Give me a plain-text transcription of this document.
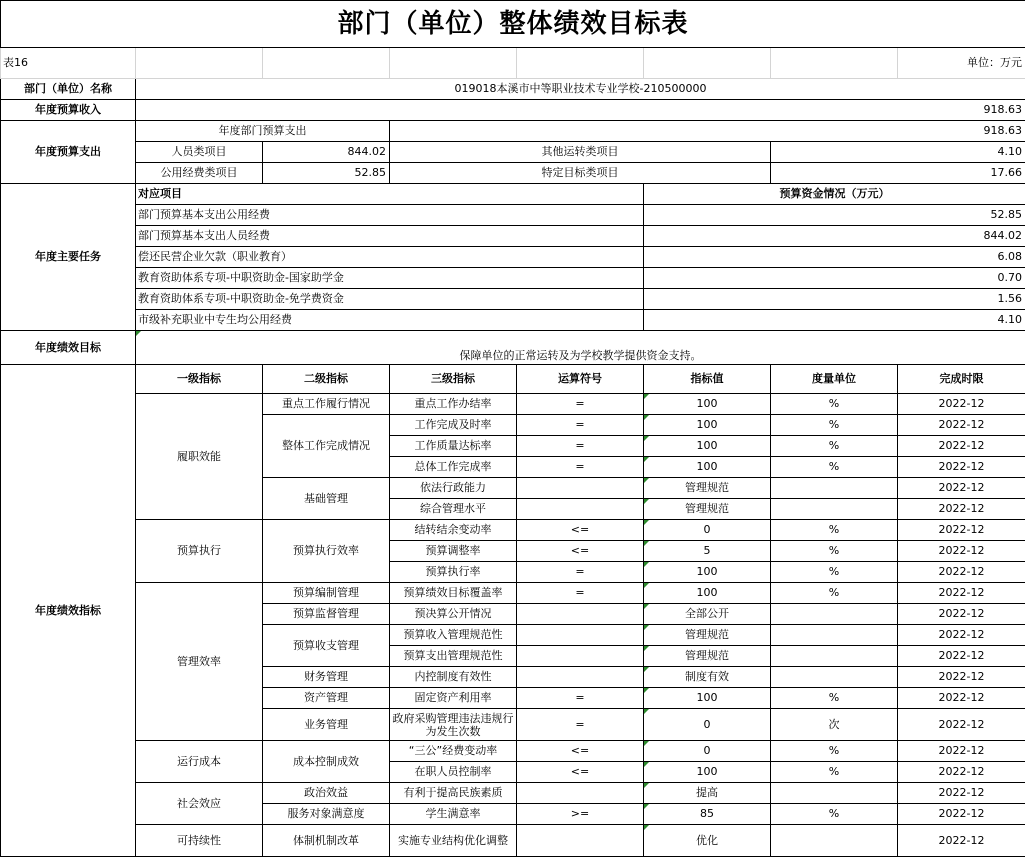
部门（单位）整体绩效目标表							
表16							单位：万元
部门（单位）名称	019018本溪市中等职业技术专业学校-210500000						
年度预算收入	918.63						
年度预算支出	年度部门预算支出		918.63				
	人员类项目	844.02	其他运转类项目			4.10	
	公用经费类项目	52.85	特定目标类项目			17.66	
年度主要任务	对应项目				预算资金情况（万元）		
	部门预算基本支出公用经费				52.85		
	部门预算基本支出人员经费				844.02		
	偿还民营企业欠款（职业教育）				6.08		
	教育资助体系专项-中职资助金-国家助学金				0.70		
	教育资助体系专项-中职资助金-免学费资金				1.56		
	市级补充职业中专生均公用经费				4.10		
年度绩效目标	保障单位的正常运转及为学校教学提供资金支持。						
年度绩效指标	一级指标	二级指标	三级指标	运算符号	指标值	度量单位	完成时限
	履职效能	重点工作履行情况	重点工作办结率	=	100	%	2022-12
		整体工作完成情况	工作完成及时率	=	100	%	2022-12
			工作质量达标率	=	100	%	2022-12
			总体工作完成率	=	100	%	2022-12
		基础管理	依法行政能力		管理规范		2022-12
			综合管理水平		管理规范		2022-12
	预算执行	预算执行效率	结转结余变动率	<=	0	%	2022-12
			预算调整率	<=	5	%	2022-12
			预算执行率	=	100	%	2022-12
	管理效率	预算编制管理	预算绩效目标覆盖率	=	100	%	2022-12
		预算监督管理	预决算公开情况		全部公开		2022-12
		预算收支管理	预算收入管理规范性		管理规范		2022-12
			预算支出管理规范性		管理规范		2022-12
		财务管理	内控制度有效性		制度有效		2022-12
		资产管理	固定资产利用率	=	100	%	2022-12
		业务管理	政府采购管理违法违规行为发生次数	=	0	次	2022-12
	运行成本	成本控制成效	“三公”经费变动率	<=	0	%	2022-12
			在职人员控制率	<=	100	%	2022-12
	社会效应	政治效益	有利于提高民族素质		提高		2022-12
		服务对象满意度	学生满意率	>=	85	%	2022-12
	可持续性	体制机制改革	实施专业结构优化调整		优化		2022-12
